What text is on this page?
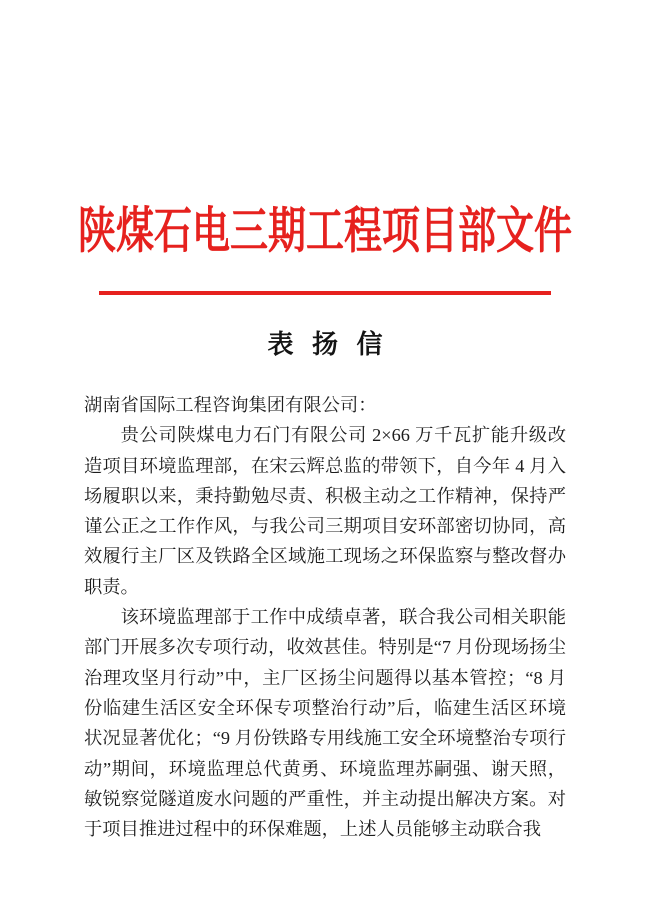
陕煤石电三期工程项目部文件
表 扬 信

湖南省国际工程咨询集团有限公司：

贵公司陕煤电力石门有限公司 2×66 万千瓦扩能升级改造项目环境监理部，在宋云辉总监的带领下，自今年 4 月入场履职以来，秉持勤勉尽责、积极主动之工作精神，保持严谨公正之工作作风，与我公司三期项目安环部密切协同，高效履行主厂区及铁路全区域施工现场之环保监察与整改督办职责。

该环境监理部于工作中成绩卓著，联合我公司相关职能部门开展多次专项行动，收效甚佳。特别是“7 月份现场扬尘治理攻坚月行动”中，主厂区扬尘问题得以基本管控；“8 月份临建生活区安全环保专项整治行动”后，临建生活区环境状况显著优化；“9 月份铁路专用线施工安全环境整治专项行动”期间，环境监理总代黄勇、环境监理苏嗣强、谢天照，敏锐察觉隧道废水问题的严重性，并主动提出解决方案。对于项目推进过程中的环保难题，上述人员能够主动联合我
